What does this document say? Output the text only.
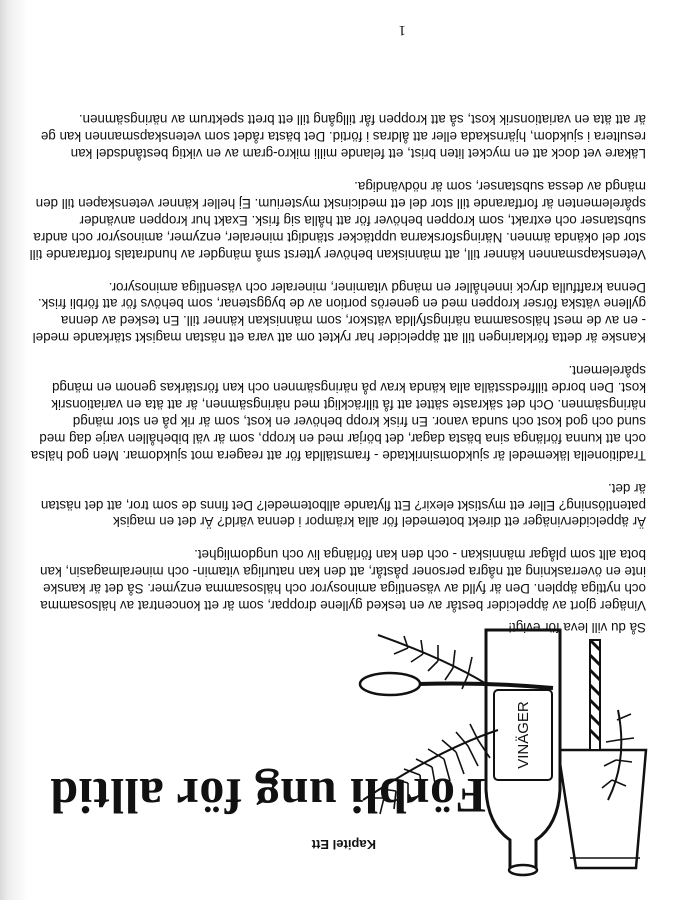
VINÄGER
Kapitel Ett
Förbli ung för alltid

Så du vill leva för evigt!

Vinäger gjort av äppelcider består av en tesked gyllene droppar, som är ett koncentrat av hälsosamma och nyttiga äpplen. Den är fylld av väsentliga aminosyror och hälsosamma enzymer. Så det är kanske inte en överraskning att några personer påstår, att den kan naturliga vitamin- och mineralmagasin, kan bota allt som plågar människan - och den kan förlänga liv och ungdomlighet.

Är äppelcidervinäger ett direkt botemedel för alla krämpor i denna värld? Är det en magisk patentlösning? Eller ett mystiskt elexir? Ett flytande allbotemedel? Det finns de som tror, att det nästan är det.

Traditionella läkemedel är sjukdomsinriktade - framställda för att reagera mot sjukdomar. Men god hälsa och att kunna förlänga sina bästa dagar, det börjar med en kropp, som är väl bibehållen varje dag med sund och god kost och sunda vanor. En frisk kropp behöver en kost, som är rik på en stor mängd näringsämnen. Och det säkraste sättet att få tillräckligt med näringsämnen, är att äta en variationsrik kost. Den borde tillfredsställa alla kända krav på näringsämnen och kan förstärkas genom en mängd spårelement.

Kanske är detta förklaringen till att äppelcider har ryktet om att vara ett nästan magiskt stärkande medel - en av de mest hälsosamma näringsfyllda vätskor, som människan känner till. En tesked av denna gyllene vätska förser kroppen med en generös portion av de byggstenar, som behövs för att förbli frisk. Denna kraftfulla dryck innehåller en mängd vitaminer, mineraler och väsentliga aminosyror.

Vetenskapsmannen känner till, att människan behöver ytterst små mängder av hundratals fortfarande till stor del okända ämnen. Näringsforskarna upptäcker ständigt mineraler, enzymer, aminosyror och andra substanser och extrakt, som kroppen behöver för att hålla sig frisk. Exakt hur kroppen använder spårelementen är fortfarande till stor del ett medicinskt mysterium. Ej heller känner vetenskapen till den mängd av dessa substanser, som är nödvändiga.

Läkare vet dock att en mycket liten brist, ett felande milli mikro-gram av en viktig beståndsdel kan resultera i sjukdom, hjärnskada eller att åldras i förtid. Det bästa rådet som vetenskapsmannen kan ge är att äta en variationsrik kost, så att kroppen får tillgång till ett brett spektrum av näringsämnen.

1
